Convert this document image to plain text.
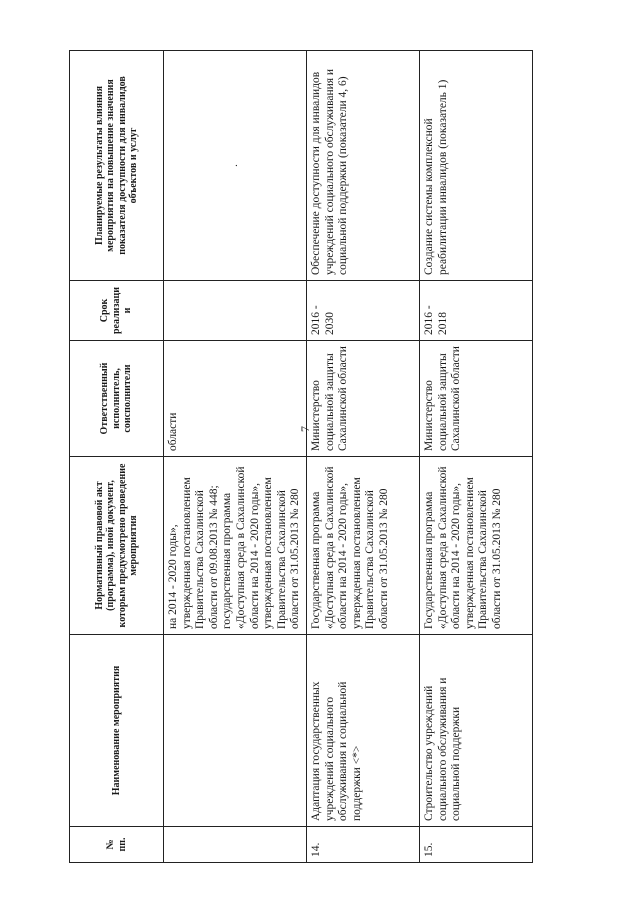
7
№ пп.	Наименование мероприятия	Нормативный правовой акт (программа), иной документ, которым предусмотрено проведение мероприятия	Ответственный исполнитель, соисполнители	Срок реализаци и	Планируемые результаты влияния мероприятия на повышение значения показателя доступности для инвалидов объектов и услуг
		на 2014 - 2020 годы», утвержденная постановлением Правительства Сахалинской области от 09.08.2013 № 448; государственная программа «Доступная среда в Сахалинской области на 2014 - 2020 годы», утвержденная постановлением Правительства Сахалинской области от 31.05.2013 № 280	области		.
14.	Адаптация государственных учреждений социального обслуживания и социальной поддержки <*>	Государственная программа «Доступная среда в Сахалинской области на 2014 - 2020 годы», утвержденная постановлением Правительства Сахалинской области от 31.05.2013 № 280	Министерство социальной защиты Сахалинской области	2016 - 2030	Обеспечение доступности для инвалидов учреждений социального обслуживания и социальной поддержки (показатели 4, 6)
15.	Строительство учреждений социального обслуживания и социальной поддержки	Государственная программа «Доступная среда в Сахалинской области на 2014 - 2020 годы», утвержденная постановлением Правительства Сахалинской области от 31.05.2013 № 280	Министерство социальной защиты Сахалинской области	2016 - 2018	Создание системы комплексной реабилитации инвалидов (показатель 1)
